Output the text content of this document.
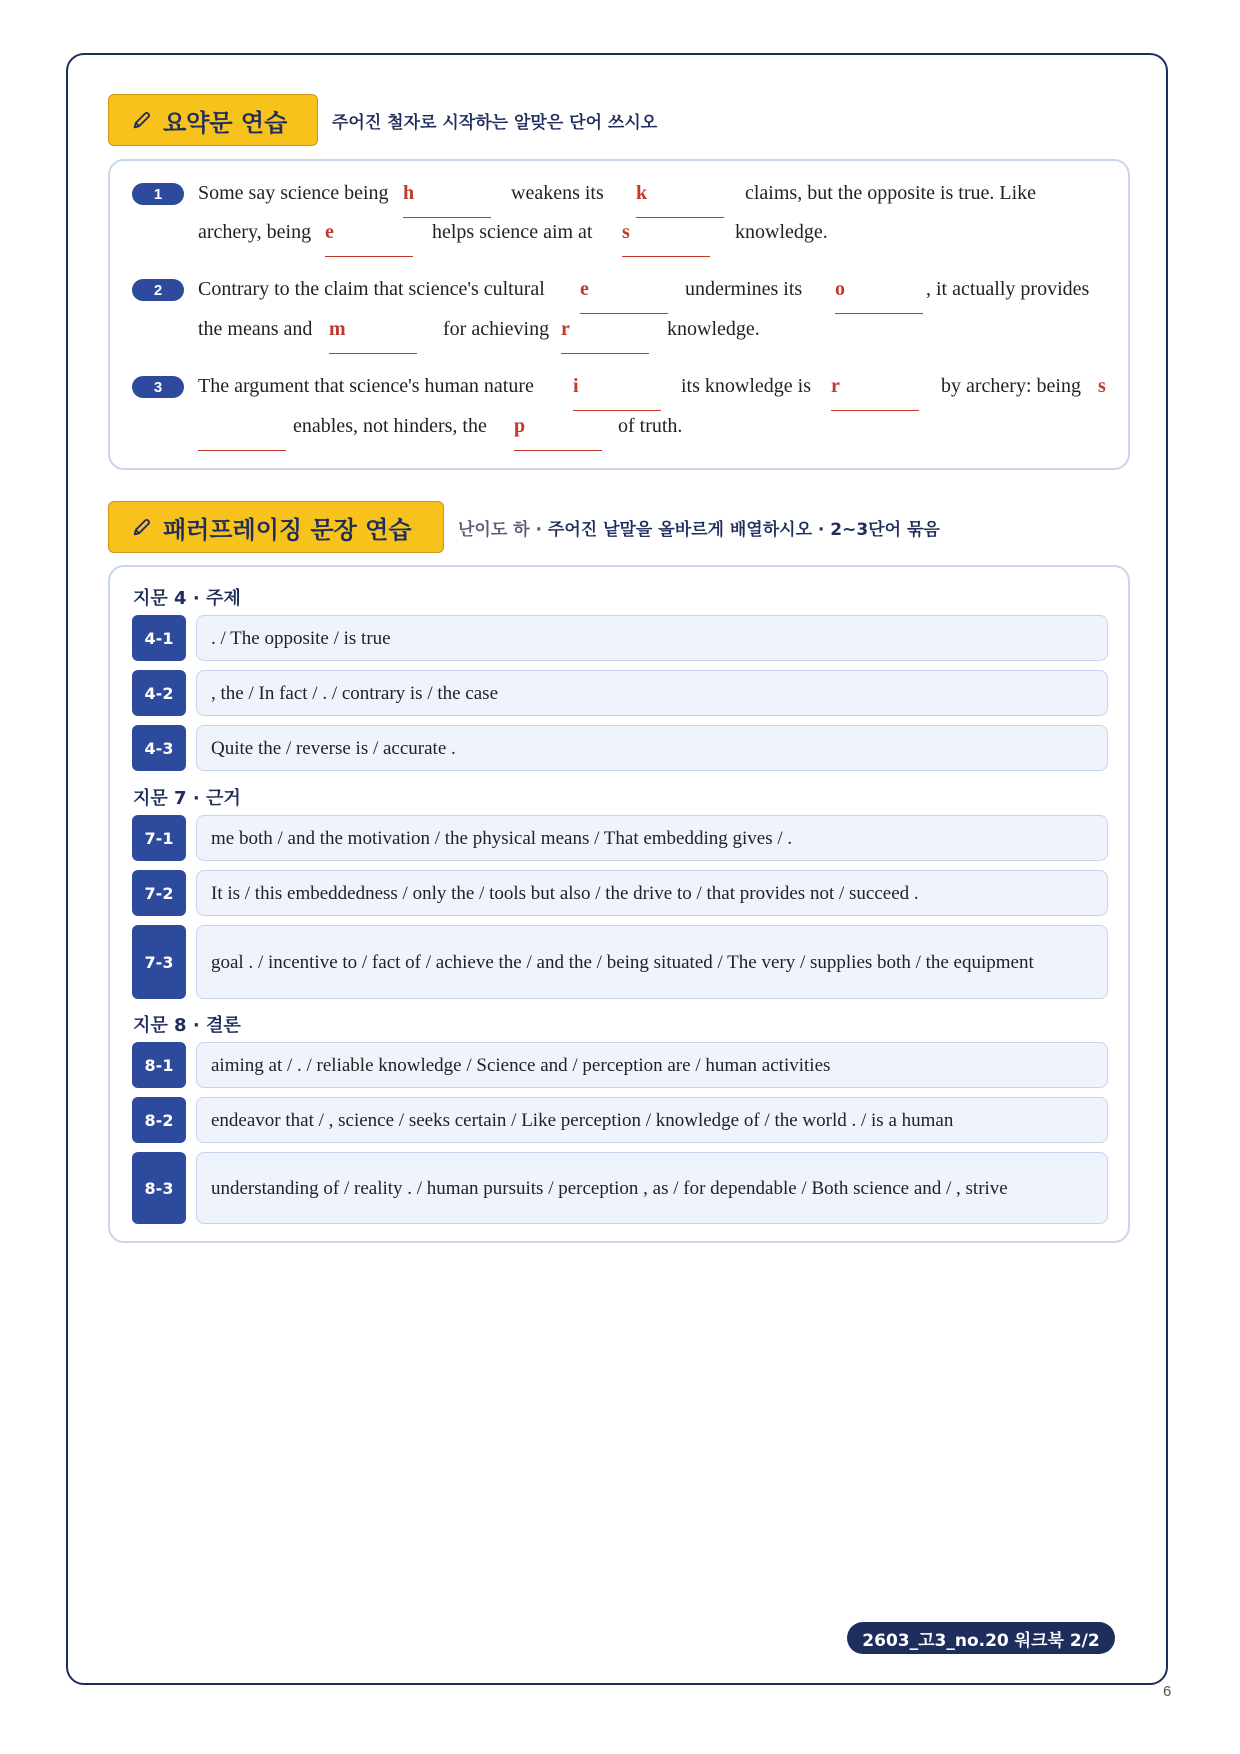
요약문 연습	주어진 철자로 시작하는 알맞은 단어 쓰시오
1	Some say science being h	weakens its k	claims, but the opposite is true. Like
archery, being e	helps science aim at s	knowledge.
2	Contrary to the claim that science's cultural e	undermines its o	, it actually provides
the means and m	for achieving r	knowledge.
3	The argument that science's human nature i	its knowledge is r	by archery: being s
enables, not hinders, the p	of truth.
패러프레이징 문장 연습	난이도 하 · 주어진 낱말을 올바르게 배열하시오 · 2~3단어 묶음
지문 4 · 주제
4-1	. / The opposite / is true
4-2	, the / In fact / . / contrary is / the case
4-3	Quite the / reverse is / accurate .
지문 7 · 근거
7-1	me both / and the motivation / the physical means / That embedding gives / .
7-2	It is / this embeddedness / only the / tools but also / the drive to / that provides not / succeed .
7-3	goal . / incentive to / fact of / achieve the / and the / being situated / The very / supplies both / the equipment
지문 8 · 결론
8-1	aiming at / . / reliable knowledge / Science and / perception are / human activities
8-2	endeavor that / , science / seeks certain / Like perception / knowledge of / the world . / is a human
8-3	understanding of / reality . / human pursuits / perception , as / for dependable / Both science and / , strive
2603_고3_no.20 워크북 2/2
6
